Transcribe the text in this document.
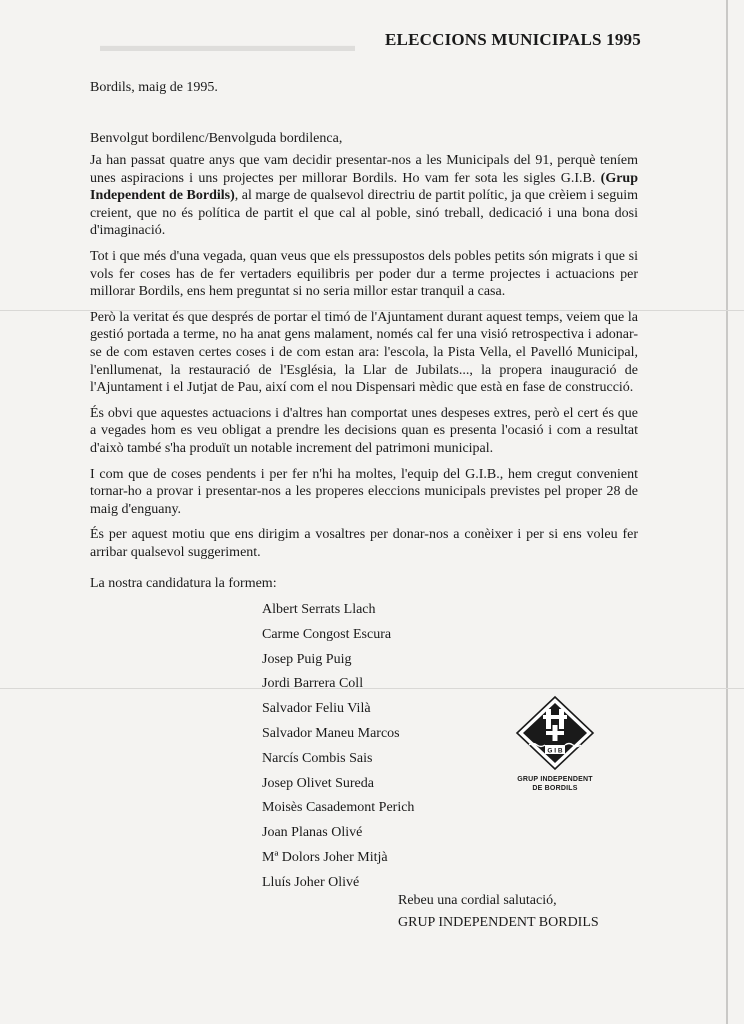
▬▬▬▬▬▬▬▬▬▬▬▬▬▬▬ ELECCIONS MUNICIPALS 1995
Bordils, maig de 1995.
Benvolgut bordilenc/Benvolguda bordilenca,

Ja han passat quatre anys que vam decidir presentar-nos a les Municipals del 91, perquè teníem unes aspiracions i uns projectes per millorar Bordils. Ho vam fer sota les sigles G.I.B. (Grup Independent de Bordils), al marge de qualsevol directriu de partit polític, ja que crèiem i seguim creient, que no és política de partit el que cal al poble, sinó treball, dedicació i una bona dosi d'imaginació.

Tot i que més d'una vegada, quan veus que els pressupostos dels pobles petits són migrats i que si vols fer coses has de fer vertaders equilibris per poder dur a terme projectes i actuacions per millorar Bordils, ens hem preguntat si no seria millor estar tranquil a casa.

Però la veritat és que després de portar el timó de l'Ajuntament durant aquest temps, veiem que la gestió portada a terme, no ha anat gens malament, només cal fer una visió retrospectiva i adonar-se de com estaven certes coses i de com estan ara: l'escola, la Pista Vella, el Pavelló Municipal, l'enllumenat, la restauració de l'Església, la Llar de Jubilats..., la propera inauguració de l'Ajuntament i el Jutjat de Pau, així com el nou Dispensari mèdic que està en fase de construcció.

És obvi que aquestes actuacions i d'altres han comportat unes despeses extres, però el cert és que a vegades hom es veu obligat a prendre les decisions quan es presenta l'ocasió i com a resultat d'això també s'ha produït un notable increment del patrimoni municipal.

I com que de coses pendents i per fer n'hi ha moltes, l'equip del G.I.B., hem cregut convenient tornar-ho a provar i presentar-nos a les properes eleccions municipals previstes pel proper 28 de maig d'enguany.

És per aquest motiu que ens dirigim a vosaltres per donar-nos a conèixer i per si ens voleu fer arribar qualsevol suggeriment.

La nostra candidatura la formem:
Albert Serrats Llach
Carme Congost Escura
Josep Puig Puig
Jordi Barrera Coll
Salvador Feliu Vilà
Salvador Maneu Marcos
Narcís Combis Sais
Josep Olivet Sureda
Moisès Casademont Perich
Joan Planas Olivé
Mª Dolors Joher Mitjà
Lluís Joher Olivé
G I B
GRUP INDEPENDENT
DE BORDILS
Rebeu una cordial salutació,
GRUP INDEPENDENT BORDILS
